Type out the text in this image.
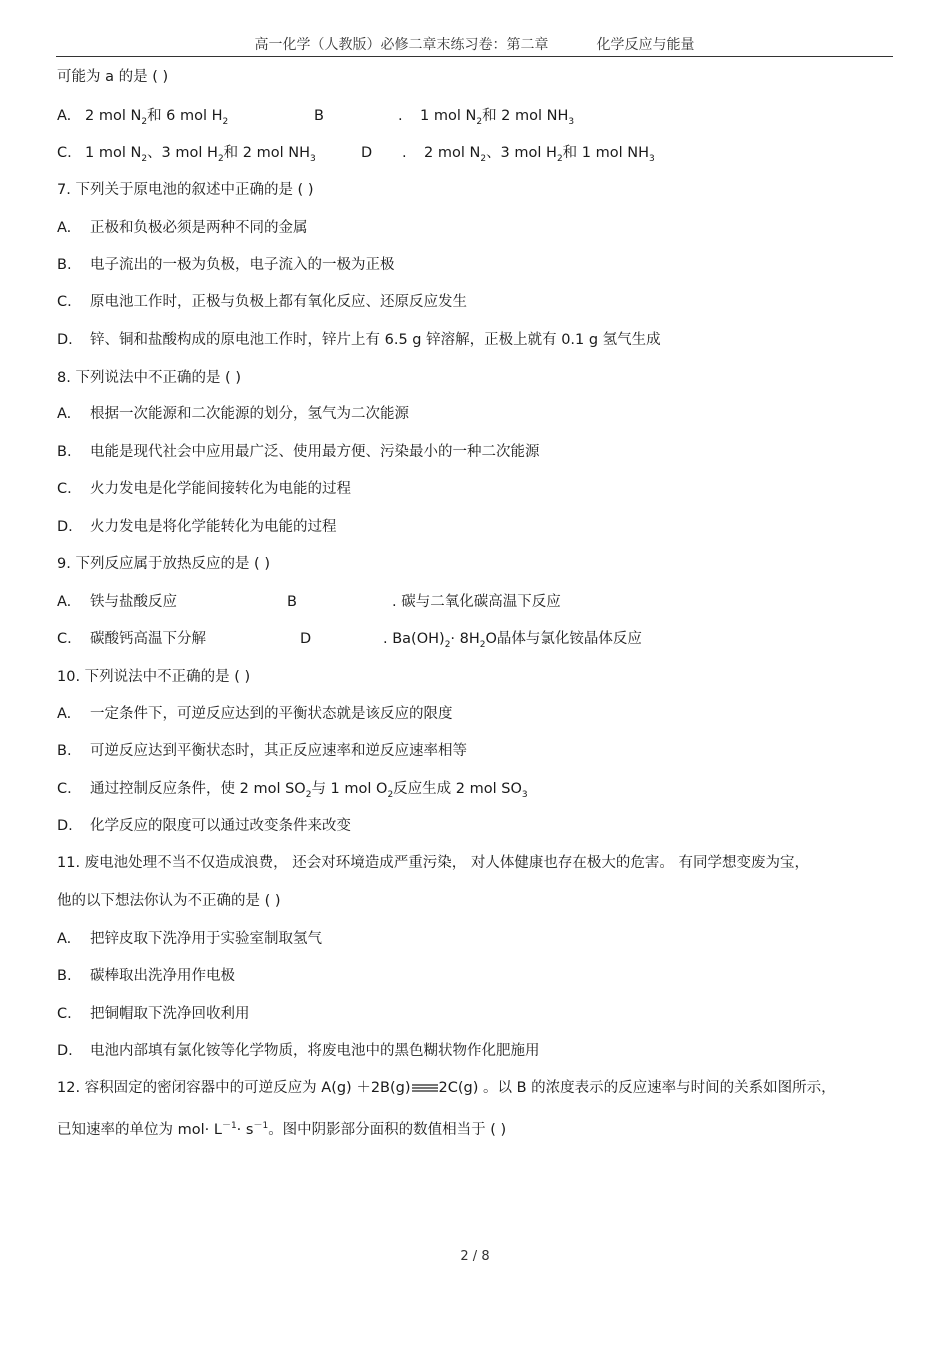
高一化学（人教版）必修二章末练习卷：第二章	化学反应与能量
可能为 a 的是 ( )
A. 2 mol $N_2$和 6 mol $H_2$	B	. 1 mol $N_2$和 2 mol $NH_3$
C. 1 mol $N_2$、3 mol $H_2$和 2 mol $NH_3$	D . 2 mol $N_2$、3 mol $H_2$和 1 mol $NH_3$
7. 下列关于原电池的叙述中正确的是 ( )
A. 正极和负极必须是两种不同的金属
B. 电子流出的一极为负极，电子流入的一极为正极
C. 原电池工作时，正极与负极上都有氧化反应、还原反应发生
D. 锌、铜和盐酸构成的原电池工作时，锌片上有 6.5 g 锌溶解，正极上就有 0.1 g 氢气生成
8. 下列说法中不正确的是 ( )
A. 根据一次能源和二次能源的划分，氢气为二次能源
B. 电能是现代社会中应用最广泛、使用最方便、污染最小的一种二次能源
C. 火力发电是化学能间接转化为电能的过程
D. 火力发电是将化学能转化为电能的过程
9. 下列反应属于放热反应的是 ( )
A. 铁与盐酸反应	B	. 碳与二氧化碳高温下反应
C. 碳酸钙高温下分解	D	. $Ba(OH)_2\cdot 8H_2O$晶体与氯化铵晶体反应
10. 下列说法中不正确的是 ( )
A. 一定条件下，可逆反应达到的平衡状态就是该反应的限度
B. 可逆反应达到平衡状态时，其正反应速率和逆反应速率相等
C. 通过控制反应条件，使 2 mol $SO_2$与 1 mol $O_2$反应生成 2 mol $SO_3$
D. 化学反应的限度可以通过改变条件来改变
11. 废电池处理不当不仅造成浪费， 还会对环境造成严重污染， 对人体健康也存在极大的危害。 有同学想变废为宝，
他的以下想法你认为不正确的是 ( )
A. 把锌皮取下洗净用于实验室制取氢气
B. 碳棒取出洗净用作电极
C. 把铜帽取下洗净回收利用
D. 电池内部填有氯化铵等化学物质，将废电池中的黑色糊状物作化肥施用
12. 容积固定的密闭容器中的可逆反应为 A(g) ＋2B(g) 2C(g) 。以 B 的浓度表示的反应速率与时间的关系如图所示，
已知速率的单位为 $mol\cdot L^{-1}\cdot s^{-1}$。图中阴影部分面积的数值相当于 ( )
2 / 8
